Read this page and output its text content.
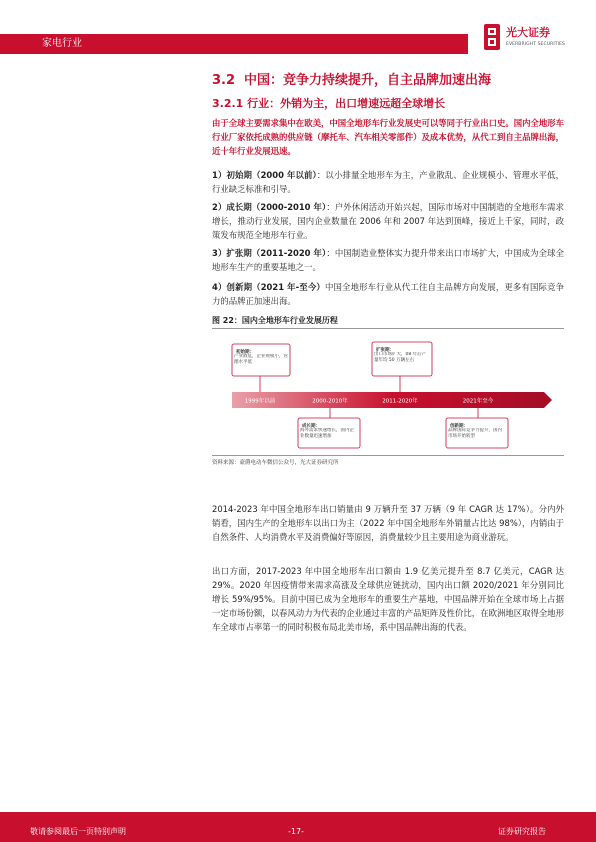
家电行业
光大证券
EVERBRIGHT SECURITIES
3.2 中国：竞争力持续提升，自主品牌加速出海
3.2.1 行业：外销为主，出口增速远超全球增长

由于全球主要需求集中在欧美，中国全地形车行业发展史可以等同于行业出口史。国内全地形车行业厂家依托成熟的供应链（摩托车、汽车相关零部件）及成本优势，从代工到自主品牌出海，近十年行业发展迅速。

1）初始期（2000 年以前）：以小排量全地形车为主，产业散乱、企业规模小、管理水平低，行业缺乏标准和引导。

2）成长期（2000-2010 年）：户外休闲活动开始兴起，国际市场对中国制造的全地形车需求增长，推动行业发展，国内企业数量在 2006 年和 2007 年达到顶峰，接近上千家，同时，政策发布规范全地形车行业。

3）扩张期（2011-2020 年）：中国制造业整体实力提升带来出口市场扩大，中国成为全球全地形车生产的重要基地之一。

4）创新期（2021 年-至今）中国全地形车行业从代工往自主品牌方向发展，更多有国际竞争力的品牌正加速出海。

图 22：国内全地形车行业发展历程
1999年以前	2000-2010年	2011-2020年	2021年至今
初始期：
产业散乱，企业规模小，管理水平低
扩张期：
出口市场扩大，08 年后产量年均 50 万辆左右
成长期：
海外需求快速增长，国内企业数量迅速增加
创新期：
品牌国际竞争力提升，国内市场开始转型
资料来源：豪爵电动车微信公众号，光大证券研究所

2014-2023 年中国全地形车出口销量由 9 万辆升至 37 万辆（9 年 CAGR 达 17%）。分内外销看，国内生产的全地形车以出口为主（2022 年中国全地形车外销量占比达 98%），内销由于自然条件、人均消费水平及消费偏好等原因，消费量较少且主要用途为商业游玩。

出口方面，2017-2023 年中国全地形车出口额由 1.9 亿美元提升至 8.7 亿美元，CAGR 达 29%。2020 年因疫情带来需求高涨及全球供应链扰动，国内出口额 2020/2021 年分别同比增长 59%/95%。目前中国已成为全地形车的重要生产基地，中国品牌开始在全球市场上占据一定市场份额，以春风动力为代表的企业通过丰富的产品矩阵及性价比，在欧洲地区取得全地形车全球市占率第一的同时积极布局北美市场，系中国品牌出海的代表。

敬请参阅最后一页特别声明	-17-	证券研究报告
